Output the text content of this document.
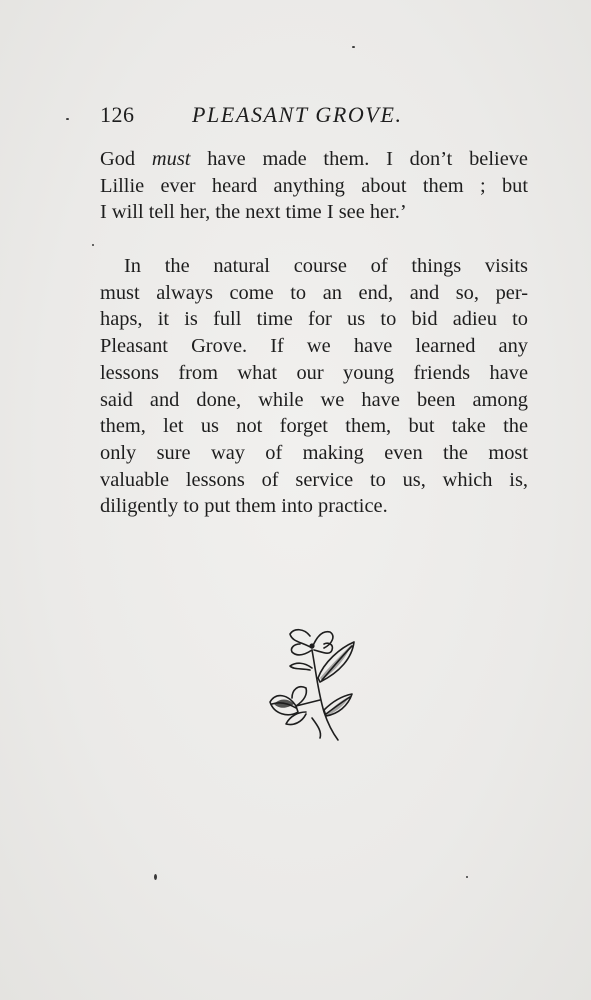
126	PLEASANT GROVE.
God must have made them. I don’t believe
Lillie ever heard anything about them ; but
I will tell her, the next time I see her.’
In the natural course of things visits
must always come to an end, and so, per-
haps, it is full time for us to bid adieu to
Pleasant Grove. If we have learned any
lessons from what our young friends have
said and done, while we have been among
them, let us not forget them, but take the
only sure way of making even the most
valuable lessons of service to us, which is,
diligently to put them into practice.
